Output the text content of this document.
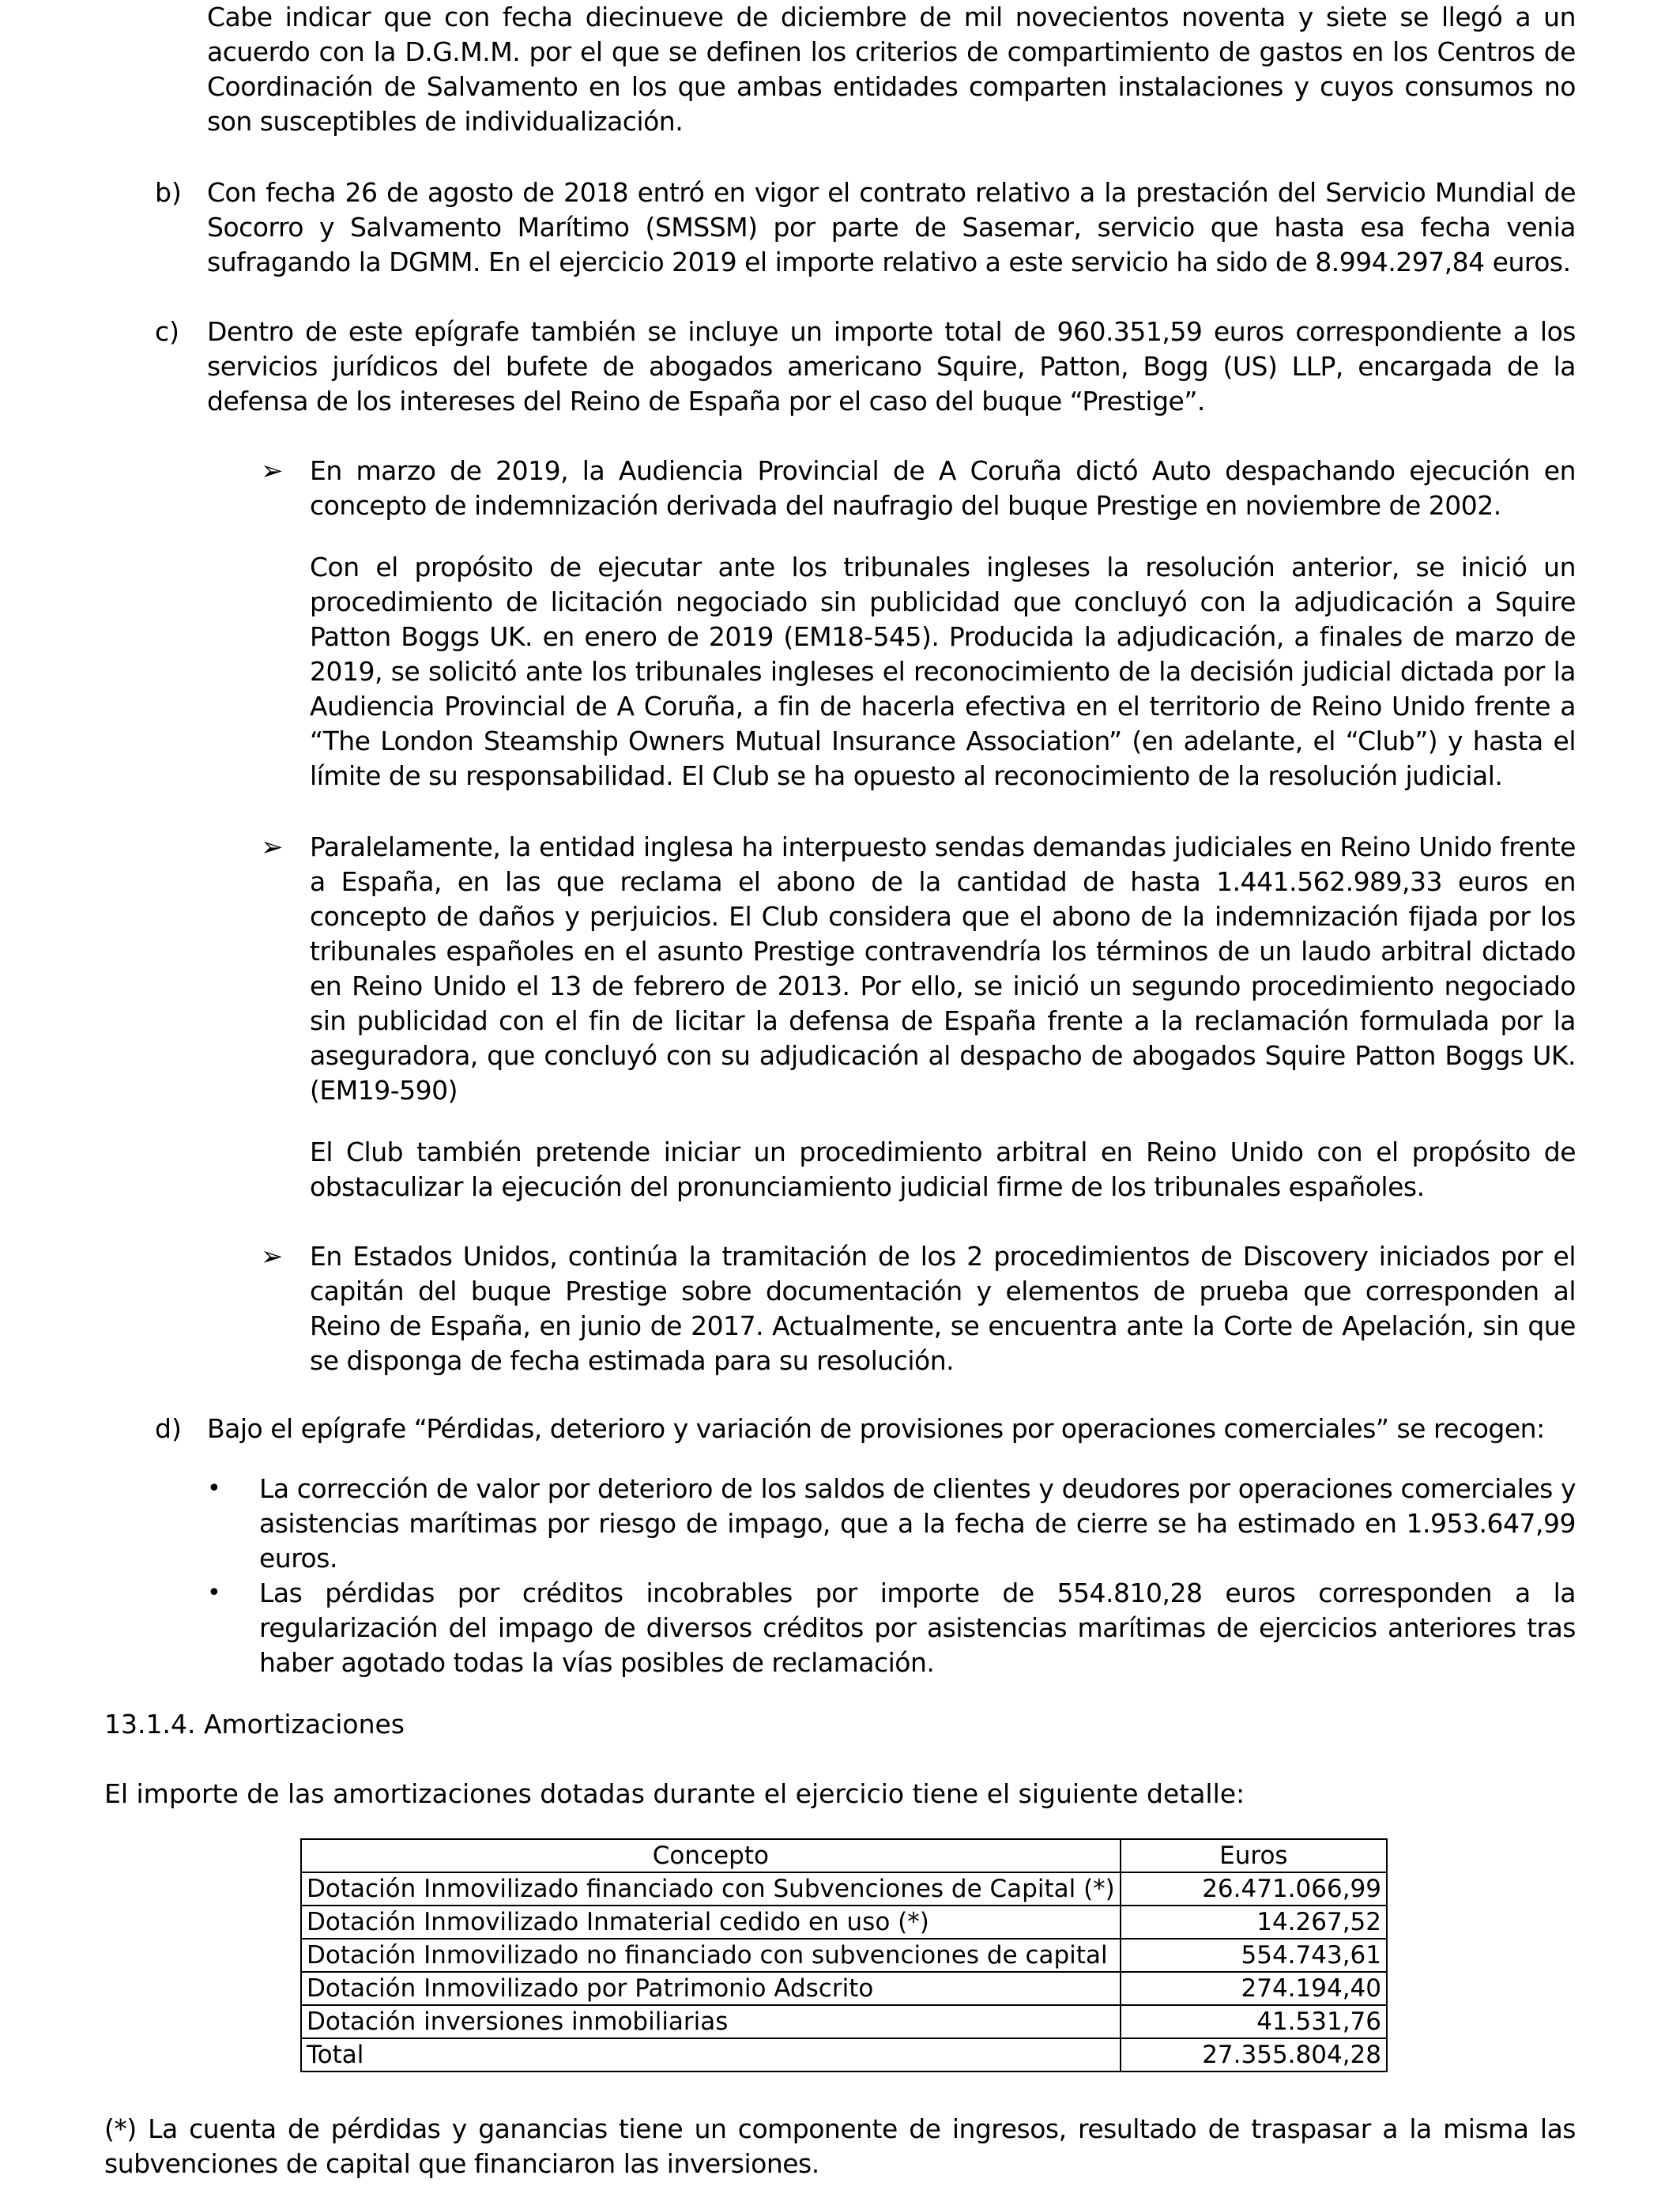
Cabe indicar que con fecha diecinueve de diciembre de mil novecientos noventa y siete se llegó a un acuerdo con la D.G.M.M. por el que se definen los criterios de compartimiento de gastos en los Centros de Coordinación de Salvamento en los que ambas entidades comparten instalaciones y cuyos consumos no son susceptibles de individualización.

b) Con fecha 26 de agosto de 2018 entró en vigor el contrato relativo a la prestación del Servicio Mundial de Socorro y Salvamento Marítimo (SMSSM) por parte de Sasemar, servicio que hasta esa fecha venia sufragando la DGMM. En el ejercicio 2019 el importe relativo a este servicio ha sido de 8.994.297,84 euros.

c) Dentro de este epígrafe también se incluye un importe total de 960.351,59 euros correspondiente a los servicios jurídicos del bufete de abogados americano Squire, Patton, Bogg (US) LLP, encargada de la defensa de los intereses del Reino de España por el caso del buque “Prestige”.

➢ En marzo de 2019, la Audiencia Provincial de A Coruña dictó Auto despachando ejecución en concepto de indemnización derivada del naufragio del buque Prestige en noviembre de 2002.

Con el propósito de ejecutar ante los tribunales ingleses la resolución anterior, se inició un procedimiento de licitación negociado sin publicidad que concluyó con la adjudicación a Squire Patton Boggs UK. en enero de 2019 (EM18-545). Producida la adjudicación, a finales de marzo de 2019, se solicitó ante los tribunales ingleses el reconocimiento de la decisión judicial dictada por la Audiencia Provincial de A Coruña, a fin de hacerla efectiva en el territorio de Reino Unido frente a “The London Steamship Owners Mutual Insurance Association” (en adelante, el “Club”) y hasta el límite de su responsabilidad. El Club se ha opuesto al reconocimiento de la resolución judicial.

➢ Paralelamente, la entidad inglesa ha interpuesto sendas demandas judiciales en Reino Unido frente a España, en las que reclama el abono de la cantidad de hasta 1.441.562.989,33 euros en concepto de daños y perjuicios. El Club considera que el abono de la indemnización fijada por los tribunales españoles en el asunto Prestige contravendría los términos de un laudo arbitral dictado en Reino Unido el 13 de febrero de 2013. Por ello, se inició un segundo procedimiento negociado sin publicidad con el fin de licitar la defensa de España frente a la reclamación formulada por la aseguradora, que concluyó con su adjudicación al despacho de abogados Squire Patton Boggs UK. (EM19-590)

El Club también pretende iniciar un procedimiento arbitral en Reino Unido con el propósito de obstaculizar la ejecución del pronunciamiento judicial firme de los tribunales españoles.

➢ En Estados Unidos, continúa la tramitación de los 2 procedimientos de Discovery iniciados por el capitán del buque Prestige sobre documentación y elementos de prueba que corresponden al Reino de España, en junio de 2017. Actualmente, se encuentra ante la Corte de Apelación, sin que se disponga de fecha estimada para su resolución.

d) Bajo el epígrafe “Pérdidas, deterioro y variación de provisiones por operaciones comerciales” se recogen:

• La corrección de valor por deterioro de los saldos de clientes y deudores por operaciones comerciales y asistencias marítimas por riesgo de impago, que a la fecha de cierre se ha estimado en 1.953.647,99 euros.

• Las pérdidas por créditos incobrables por importe de 554.810,28 euros corresponden a la regularización del impago de diversos créditos por asistencias marítimas de ejercicios anteriores tras haber agotado todas la vías posibles de reclamación.

13.1.4. Amortizaciones
El importe de las amortizaciones dotadas durante el ejercicio tiene el siguiente detalle:
Concepto	Euros
Dotación Inmovilizado financiado con Subvenciones de Capital (*)	26.471.066,99
Dotación Inmovilizado Inmaterial cedido en uso (*)	14.267,52
Dotación Inmovilizado no financiado con subvenciones de capital	554.743,61
Dotación Inmovilizado por Patrimonio Adscrito	274.194,40
Dotación inversiones inmobiliarias	41.531,76
Total	27.355.804,28

(*) La cuenta de pérdidas y ganancias tiene un componente de ingresos, resultado de traspasar a la misma las subvenciones de capital que financiaron las inversiones.
